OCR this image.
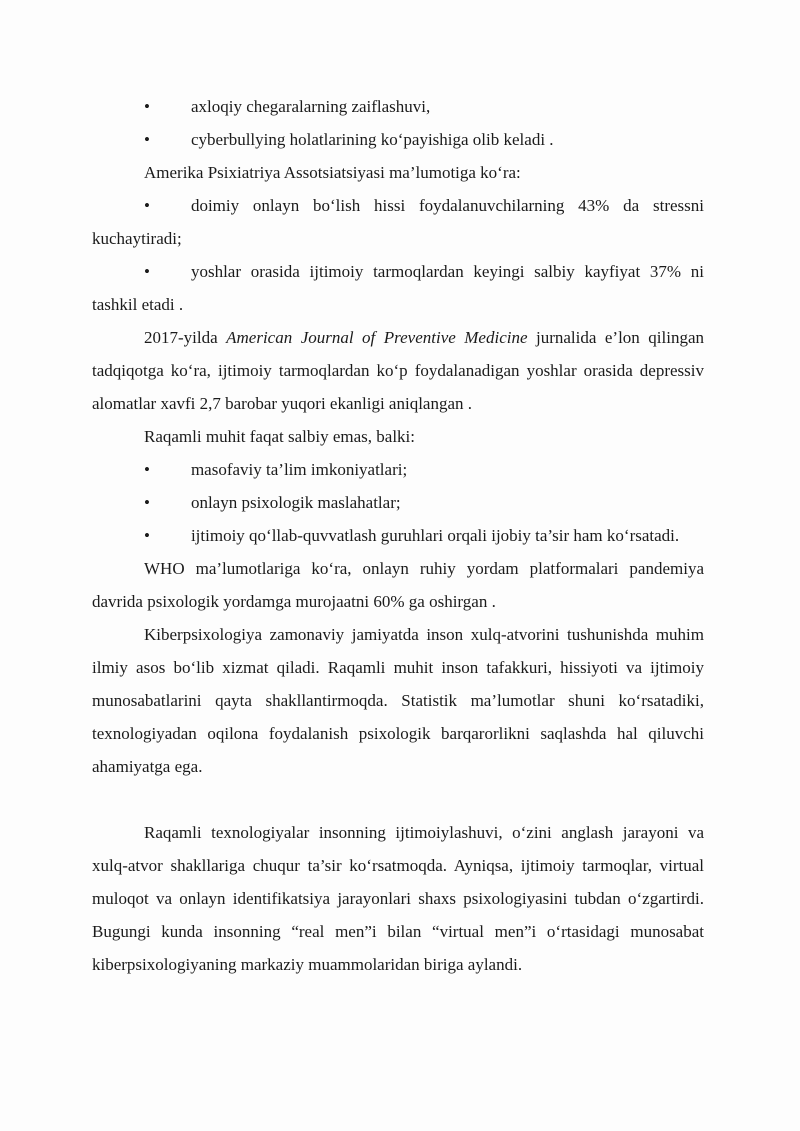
• axloqiy chegaralarning zaiflashuvi,

• cyberbullying holatlarining ko‘payishiga olib keladi .

Amerika Psixiatriya Assotsiatsiyasi ma’lumotiga ko‘ra:

• doimiy onlayn bo‘lish hissi foydalanuvchilarning 43% da stressni kuchaytiradi;

• yoshlar orasida ijtimoiy tarmoqlardan keyingi salbiy kayfiyat 37% ni tashkil etadi .

2017-yilda American Journal of Preventive Medicine jurnalida e’lon qilingan tadqiqotga ko‘ra, ijtimoiy tarmoqlardan ko‘p foydalanadigan yoshlar orasida depressiv alomatlar xavfi 2,7 barobar yuqori ekanligi aniqlangan .

Raqamli muhit faqat salbiy emas, balki:

• masofaviy ta’lim imkoniyatlari;

• onlayn psixologik maslahatlar;

• ijtimoiy qo‘llab-quvvatlash guruhlari orqali ijobiy ta’sir ham ko‘rsatadi.

WHO ma’lumotlariga ko‘ra, onlayn ruhiy yordam platformalari pandemiya davrida psixologik yordamga murojaatni 60% ga oshirgan .

Kiberpsixologiya zamonaviy jamiyatda inson xulq-atvorini tushunishda muhim ilmiy asos bo‘lib xizmat qiladi. Raqamli muhit inson tafakkuri, hissiyoti va ijtimoiy munosabatlarini qayta shakllantirmoqda. Statistik ma’lumotlar shuni ko‘rsatadiki, texnologiyadan oqilona foydalanish psixologik barqarorlikni saqlashda hal qiluvchi ahamiyatga ega.

Raqamli texnologiyalar insonning ijtimoiylashuvi, o‘zini anglash jarayoni va xulq-atvor shakllariga chuqur ta’sir ko‘rsatmoqda. Ayniqsa, ijtimoiy tarmoqlar, virtual muloqot va onlayn identifikatsiya jarayonlari shaxs psixologiyasini tubdan o‘zgartirdi. Bugungi kunda insonning “real men”i bilan “virtual men”i o‘rtasidagi munosabat kiberpsixologiyaning markaziy muammolaridan biriga aylandi.
